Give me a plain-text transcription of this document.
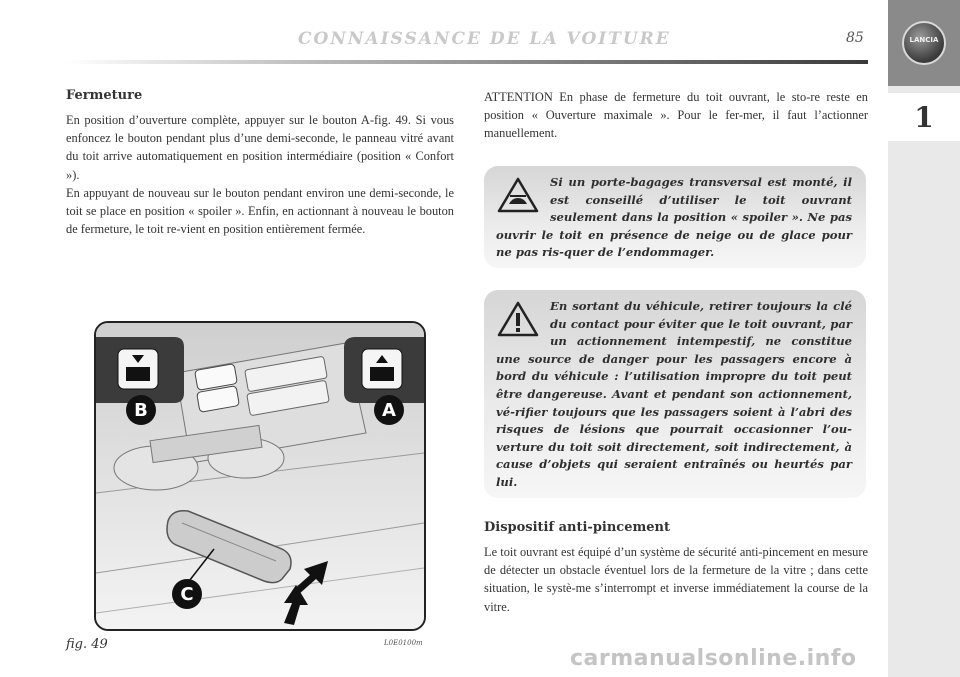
CONNAISSANCE DE LA VOITURE	85	LANCIA
1
Fermeture

En position d’ouverture complète, appuyer sur le bouton A-fig. 49. Si vous enfoncez le bouton pendant plus d’une demi-seconde, le panneau vitré avant du toit arrive automatiquement en position intermédiaire (position « Confort »).

En appuyant de nouveau sur le bouton pendant environ une demi-seconde, le toit se place en position « spoiler ». Enfin, en actionnant à nouveau le bouton de fermeture, le toit re-vient en position entièrement fermée.

ATTENTION En phase de fermeture du toit ouvrant, le sto-re reste en position « Ouverture maximale ». Pour le fer-mer, il faut l’actionner manuellement.

Si un porte-bagages transversal est monté, il est conseillé d’utiliser le toit ouvrant seulement dans la position « spoiler ». Ne pas ouvrir le toit en présence de neige ou de glace pour ne pas ris-quer de l’endommager.

En sortant du véhicule, retirer toujours la clé du contact pour éviter que le toit ouvrant, par un actionnement intempestif, ne constitue une source de danger pour les passagers encore à bord du véhicule : l’utilisation impropre du toit peut être dangereuse. Avant et pendant son actionnement, vé-rifier toujours que les passagers soient à l’abri des risques de lésions que pourrait occasionner l’ou-verture du toit soit directement, soit indirectement, à cause d’objets qui seraient entraînés ou heurtés par lui.

Dispositif anti-pincement

Le toit ouvrant est équipé d’un système de sécurité anti-pincement en mesure de détecter un obstacle éventuel lors de la fermeture de la vitre ; dans cette situation, le systè-me s’interrompt et inverse immédiatement la course de la vitre.

B	A
C
fig. 49	L0E0100m
carmanualsonline.info
